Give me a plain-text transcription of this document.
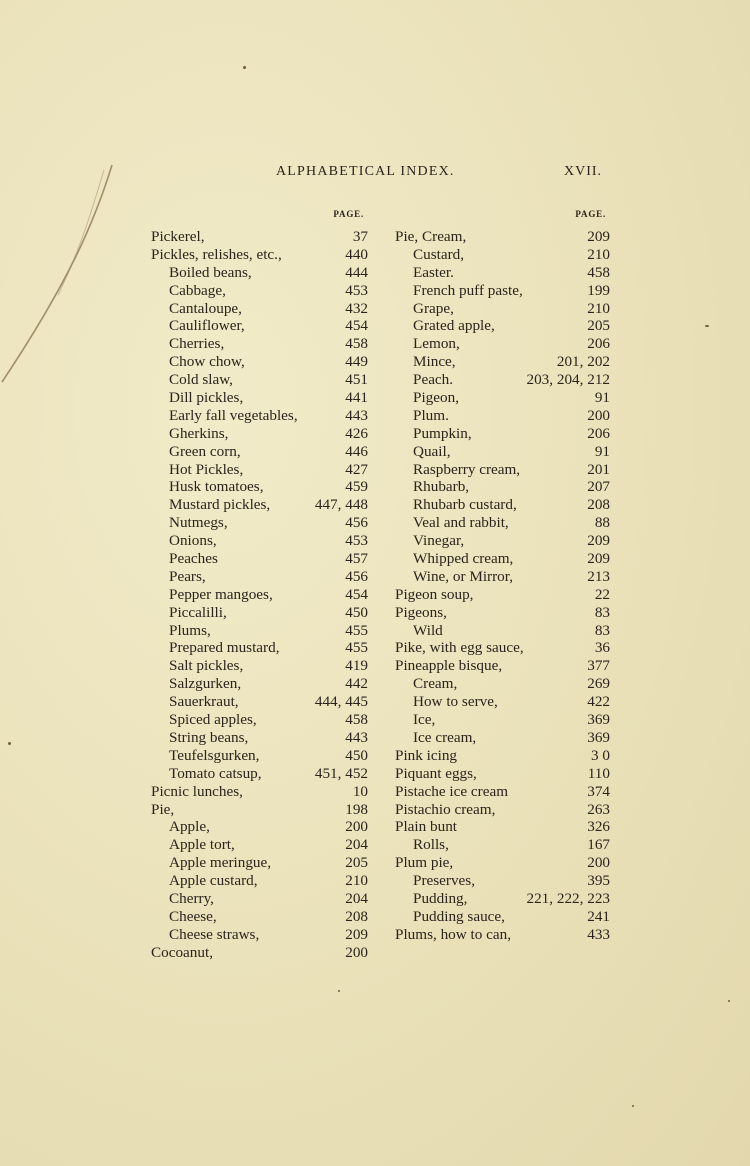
ALPHABETICAL INDEX.	XVII.
PAGE.
Pickerel,	37
Pickles, relishes, etc.,	440
Boiled beans,	444
Cabbage,	453
Cantaloupe,	432
Cauliflower,	454
Cherries,	458
Chow chow,	449
Cold slaw,	451
Dill pickles,	441
Early fall vegetables,	443
Gherkins,	426
Green corn,	446
Hot Pickles,	427
Husk tomatoes,	459
Mustard pickles,	447, 448
Nutmegs,	456
Onions,	453
Peaches	457
Pears,	456
Pepper mangoes,	454
Piccalilli,	450
Plums,	455
Prepared mustard,	455
Salt pickles,	419
Salzgurken,	442
Sauerkraut,	444, 445
Spiced apples,	458
String beans,	443
Teufelsgurken,	450
Tomato catsup,	451, 452
Picnic lunches,	10
Pie,	198
Apple,	200
Apple tort,	204
Apple meringue,	205
Apple custard,	210
Cherry,	204
Cheese,	208
Cheese straws,	209
Cocoanut,	200
PAGE.
Pie, Cream,	209
Custard,	210
Easter.	458
French puff paste,	199
Grape,	210
Grated apple,	205
Lemon,	206
Mince,	201, 202
Peach.	203, 204, 212
Pigeon,	91
Plum.	200
Pumpkin,	206
Quail,	91
Raspberry cream,	201
Rhubarb,	207
Rhubarb custard,	208
Veal and rabbit,	88
Vinegar,	209
Whipped cream,	209
Wine, or Mirror,	213
Pigeon soup,	22
Pigeons,	83
Wild	83
Pike, with egg sauce,	36
Pineapple bisque,	377
Cream,	269
How to serve,	422
Ice,	369
Ice cream,	369
Pink icing	3 0
Piquant eggs,	110
Pistache ice cream	374
Pistachio cream,	263
Plain bunt	326
Rolls,	167
Plum pie,	200
Preserves,	395
Pudding,	221, 222, 223
Pudding sauce,	241
Plums, how to can,	433
